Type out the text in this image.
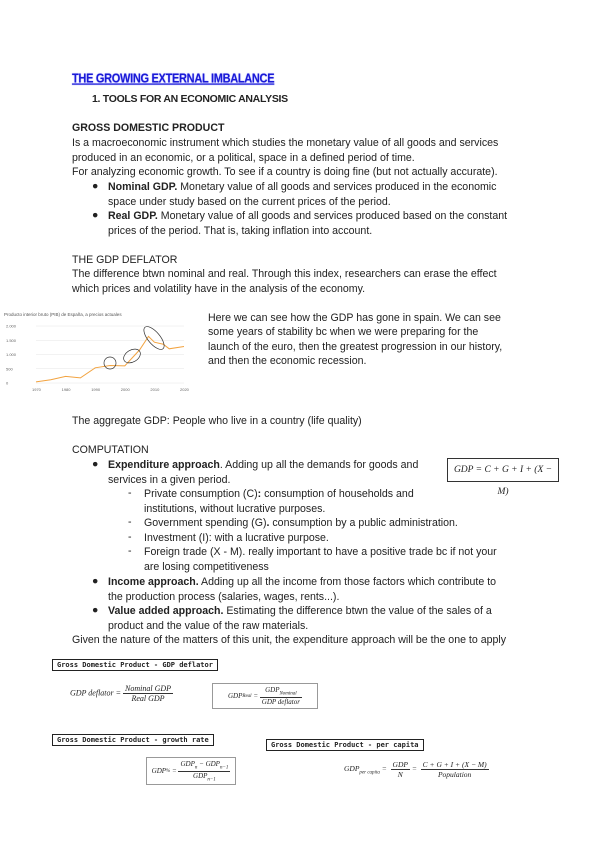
THE GROWING EXTERNAL IMBALANCE
1. TOOLS FOR AN ECONOMIC ANALYSIS
GROSS DOMESTIC PRODUCT
Is a macroeconomic instrument which studies the monetary value of all goods and services
produced in an economic, or a political, space in a defined period of time.
For analyzing economic growth. To see if a country is doing fine (but not actually accurate).
● Nominal GDP. Monetary value of all goods and services produced in the economic
space under study based on the current prices of the period.
● Real GDP. Monetary value of all goods and services produced based on the constant
prices of the period. That is, taking inflation into account.
THE GDP DEFLATOR
The difference btwn nominal and real. Through this index, researchers can erase the effect
which prices and volatility have in the analysis of the economy.
Producto interior bruto (PIB) de España, a precios actuales
0
500
1.000
1.500
2.000
1970	1980	1990	2000	2010	2020
Here we can see how the GDP has gone in spain. We can see
some years of stability bc when we were preparing for the
launch of the euro, then the greatest progression in our history,
and then the economic recession.
The aggregate GDP: People who live in a country (life quality)
COMPUTATION
● Expenditure approach. Adding up all the demands for goods and
services in a given period.
GDP = C + G + I + (X − M)
- Private consumption (C): consumption of households and
institutions, without lucrative purposes.
- Government spending (G). consumption by a public administration.
- Investment (I): with a lucrative purpose.
- Foreign trade (X - M). really important to have a positive trade bc if not your
are losing competitiveness
● Income approach. Adding up all the income from those factors which contribute to
the production process (salaries, wages, rents...).
● Value added approach. Estimating the difference btwn the value of the sales of a
product and the value of the raw materials.
Given the nature of the matters of this unit, the expenditure approach will be the one to apply
Gross Domestic Product - GDP deflator
GDP deflator = $\frac{\text{Nominal GDP}}{\text{Real GDP}}$	GDP Real = $\frac{GDP_{Nominal}}{\text{GDP deflator}}$
Gross Domestic Product - growth rate
GDP % = $\frac{GDP_n - GDP_{n-1}}{GDP_{n-1}}$
Gross Domestic Product - per capita
$GDP_{per capita} = \frac{\text{GDP}}{N} = \frac{C + G + I + (X - M)}{\text{Population}}$
